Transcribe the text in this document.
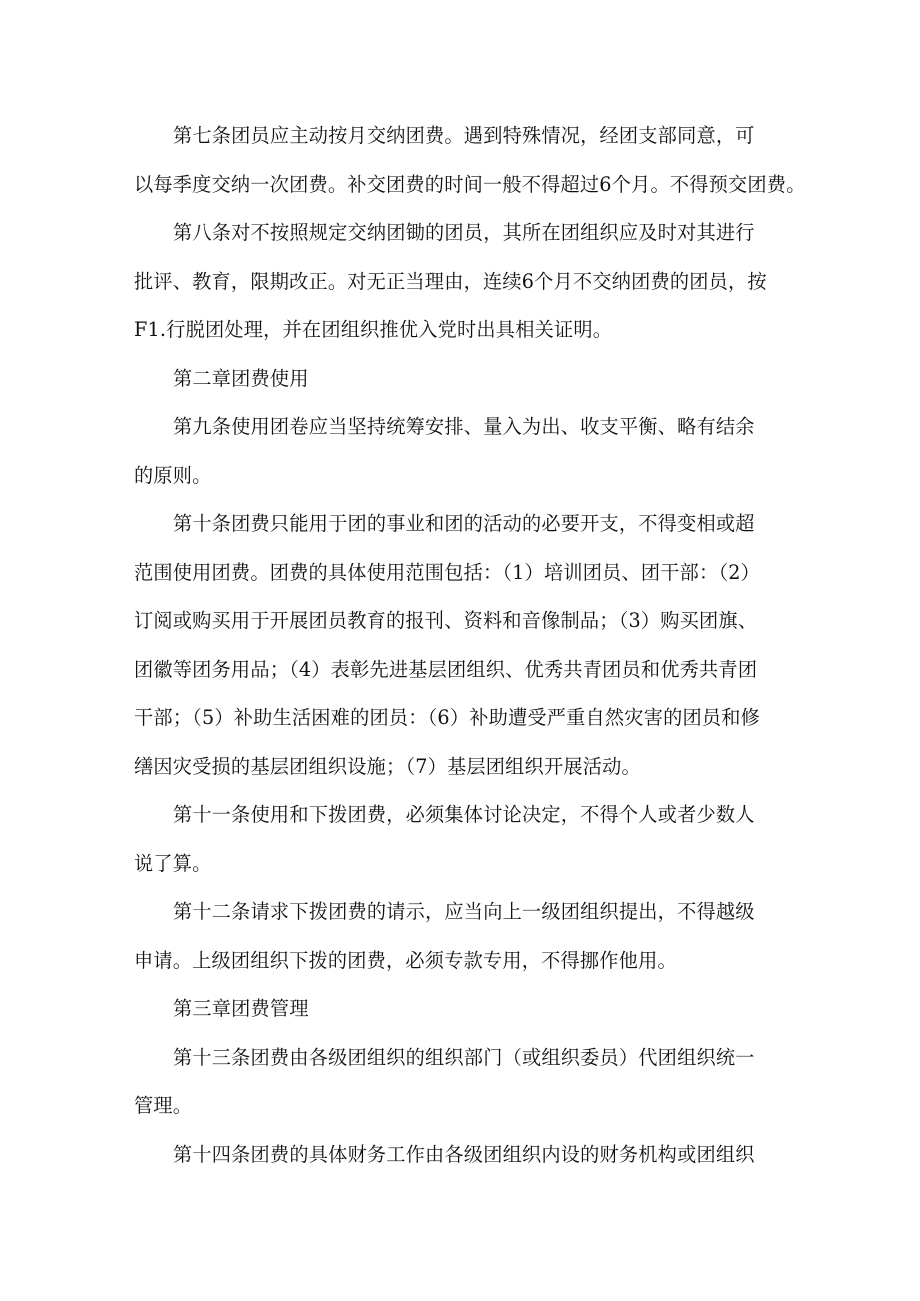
第七条团员应主动按月交纳团费。遇到特殊情况，经团支部同意，可
以每季度交纳一次团费。补交团费的时间一般不得超过6个月。不得预交团费。

第八条对不按照规定交纳团锄的团员，其所在团组织应及时对其进行
批评、教育，限期改正。对无正当理由，连续6个月不交纳团费的团员，按
F1.行脱团处理，并在团组织推优入党时出具相关证明。

第二章团费使用

第九条使用团卷应当坚持统筹安排、量入为出、收支平衡、略有结余
的原则。

第十条团费只能用于团的事业和团的活动的必要开支，不得变相或超
范围使用团费。团费的具体使用范围包括：（1）培训团员、团干部：（2）
订阅或购买用于开展团员教育的报刊、资料和音像制品；（3）购买团旗、
团徽等团务用品；（4）表彰先进基层团组织、优秀共青团员和优秀共青团
干部；（5）补助生活困难的团员：（6）补助遭受严重自然灾害的团员和修
缮因灾受损的基层团组织设施；（7）基层团组织开展活动。

第十一条使用和下拨团费，必须集体讨论决定，不得个人或者少数人
说了算。

第十二条请求下拨团费的请示，应当向上一级团组织提出，不得越级
申请。上级团组织下拨的团费，必须专款专用，不得挪作他用。

第三章团费管理

第十三条团费由各级团组织的组织部门（或组织委员）代团组织统一
管理。

第十四条团费的具体财务工作由各级团组织内设的财务机构或团组织
